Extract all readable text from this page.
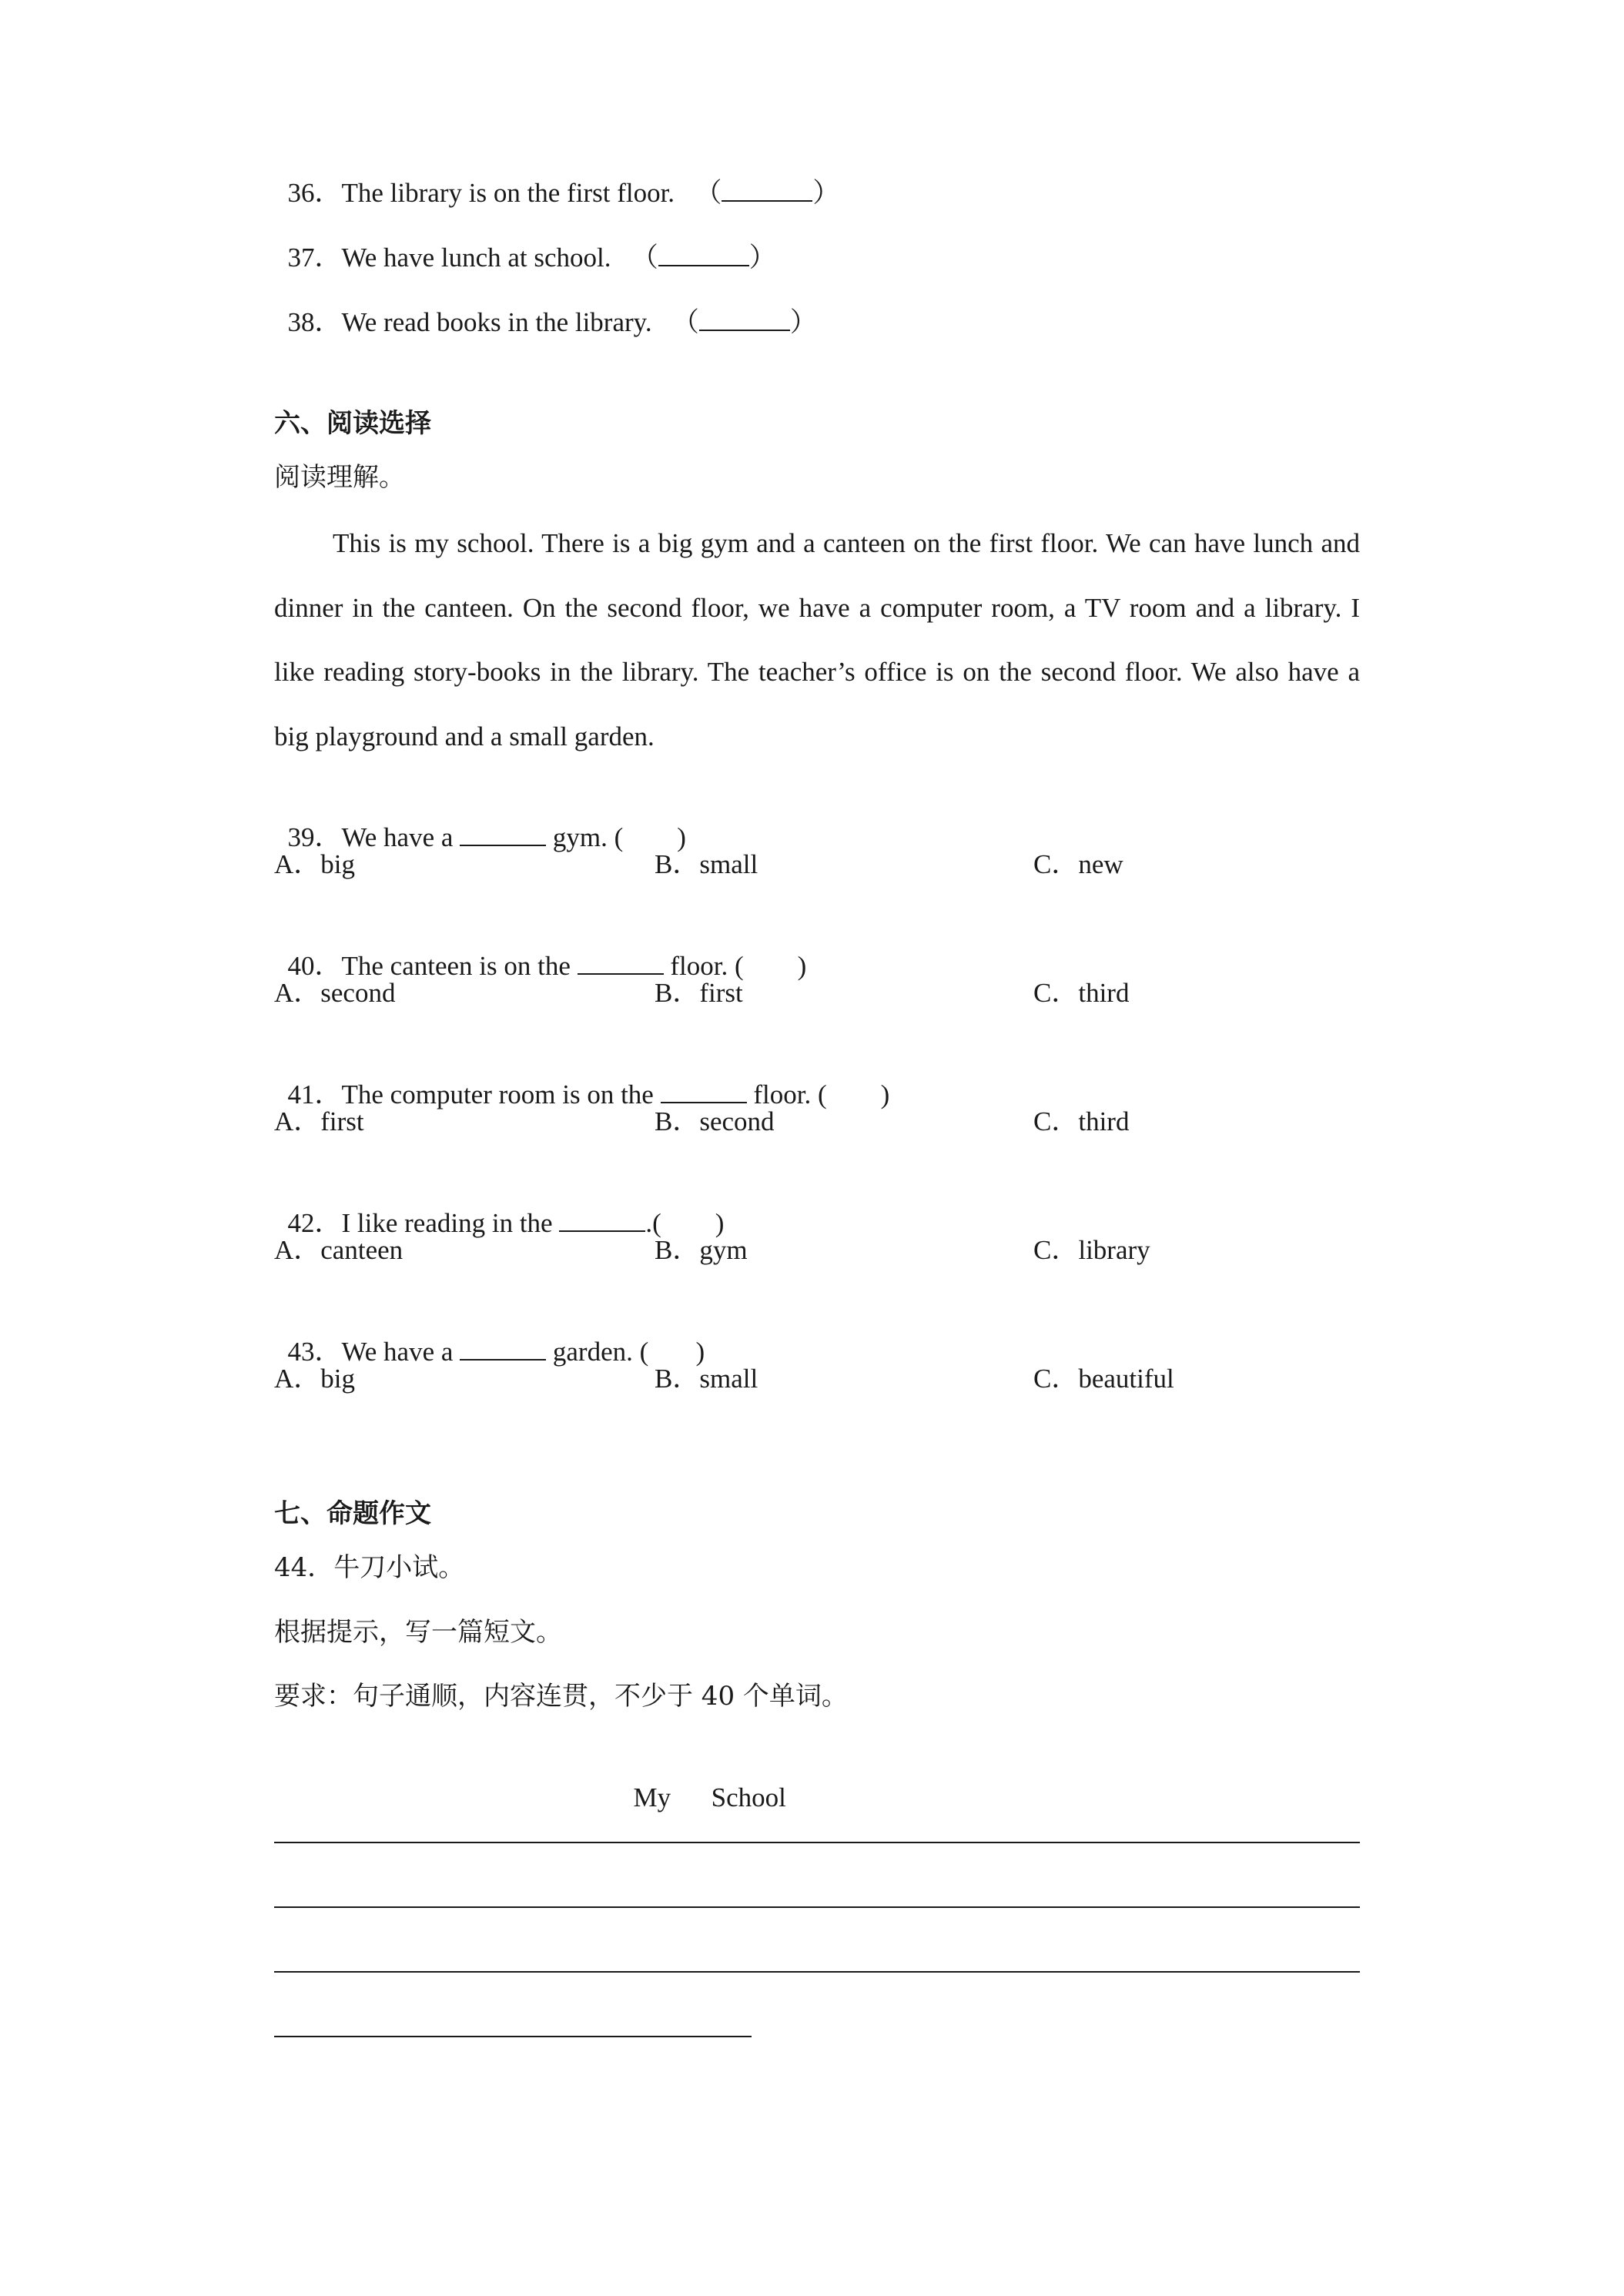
36．The library is on the first floor. （	）

37．We have lunch at school. （	）

38．We read books in the library. （	）

六、阅读选择
阅读理解。
This is my school. There is a big gym and a canteen on the first floor. We can have lunch and dinner in the canteen. On the second floor, we have a computer room, a TV room and a library. I like reading story-books in the library. The teacher’s office is on the second floor. We also have a big playground and a small garden.

39．We have a	gym. ( )

A．big	B．small	C．new

40．The canteen is on the	floor. ( )

A．second	B．first	C．third

41．The computer room is on the	floor. ( )

A．first	B．second	C．third

42．I like reading in the	.( )

A．canteen	B．gym	C．library

43．We have a	garden. ( )

A．big	B．small	C．beautiful
七、命题作文
44．牛刀小试。
根据提示，写一篇短文。
要求：句子通顺，内容连贯，不少于 40 个单词。

My School
